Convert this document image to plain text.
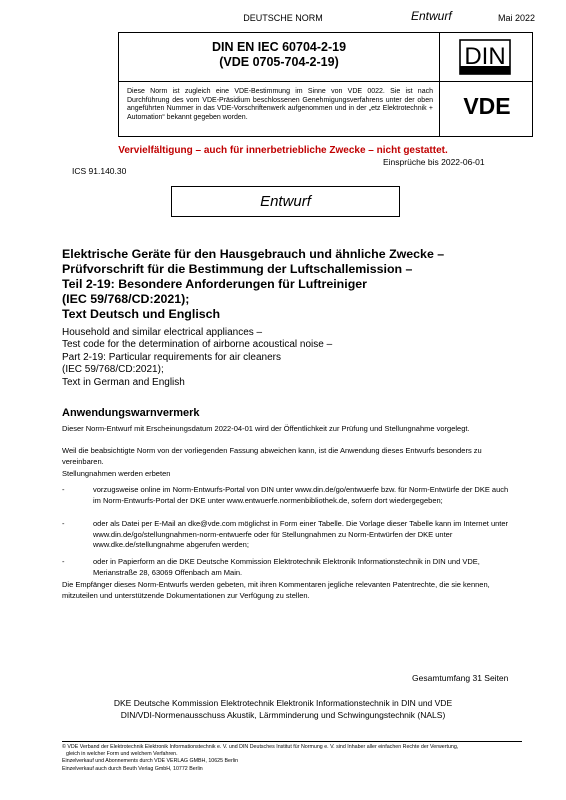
DEUTSCHE NORM	Entwurf	Mai 2022
DIN EN IEC 60704-2-19
(VDE 0705-704-2-19)
Diese Norm ist zugleich eine VDE-Bestimmung im Sinne von VDE 0022. Sie ist nach Durchführung des vom VDE-Präsidium beschlossenen Genehmigungsverfahrens unter der oben angeführten Nummer in das VDE-Vorschriftenwerk aufgenommen und in der „etz Elektrotechnik + Automation“ bekannt gegeben worden.
DIN
VDE
Vervielfältigung – auch für innerbetriebliche Zwecke – nicht gestattet.
Einsprüche bis 2022-06-01
ICS 91.140.30
Entwurf
Elektrische Geräte für den Hausgebrauch und ähnliche Zwecke –
Prüfvorschrift für die Bestimmung der Luftschallemission –
Teil 2-19: Besondere Anforderungen für Luftreiniger
(IEC 59/768/CD:2021);
Text Deutsch und Englisch
Household and similar electrical appliances –
Test code for the determination of airborne acoustical noise –
Part 2-19: Particular requirements for air cleaners
(IEC 59/768/CD:2021);
Text in German and English
Anwendungswarnvermerk
Dieser Norm-Entwurf mit Erscheinungsdatum 2022-04-01 wird der Öffentlichkeit zur Prüfung und Stellungnahme vorgelegt.
Weil die beabsichtigte Norm von der vorliegenden Fassung abweichen kann, ist die Anwendung dieses Entwurfs besonders zu vereinbaren.
Stellungnahmen werden erbeten
-	vorzugsweise online im Norm-Entwurfs-Portal von DIN unter www.din.de/go/entwuerfe bzw. für Norm-Entwürfe der DKE auch im Norm-Entwurfs-Portal der DKE unter www.entwuerfe.normenbibliothek.de, sofern dort wiedergegeben;
-	oder als Datei per E-Mail an dke@vde.com möglichst in Form einer Tabelle. Die Vorlage dieser Tabelle kann im Internet unter www.din.de/go/stellungnahmen-norm-entwuerfe oder für Stellungnahmen zu Norm-Entwürfen der DKE unter www.dke.de/stellungnahme abgerufen werden;
-	oder in Papierform an die DKE Deutsche Kommission Elektrotechnik Elektronik Informationstechnik in DIN und VDE, Merianstraße 28, 63069 Offenbach am Main.
Die Empfänger dieses Norm-Entwurfs werden gebeten, mit ihren Kommentaren jegliche relevanten Patentrechte, die sie kennen, mitzuteilen und unterstützende Dokumentationen zur Verfügung zu stellen.
Gesamtumfang 31 Seiten
DKE Deutsche Kommission Elektrotechnik Elektronik Informationstechnik in DIN und VDE
DIN/VDI-Normenausschuss Akustik, Lärmminderung und Schwingungstechnik (NALS)
© VDE Verband der Elektrotechnik Elektronik Informationstechnik e. V. und DIN Deutsches Institut für Normung e. V. sind Inhaber aller einfachen Rechte der Verwertung,
gleich in welcher Form und welchem Verfahren.
Einzelverkauf und Abonnements durch VDE VERLAG GMBH, 10625 Berlin
Einzelverkauf auch durch Beuth Verlag GmbH, 10772 Berlin
